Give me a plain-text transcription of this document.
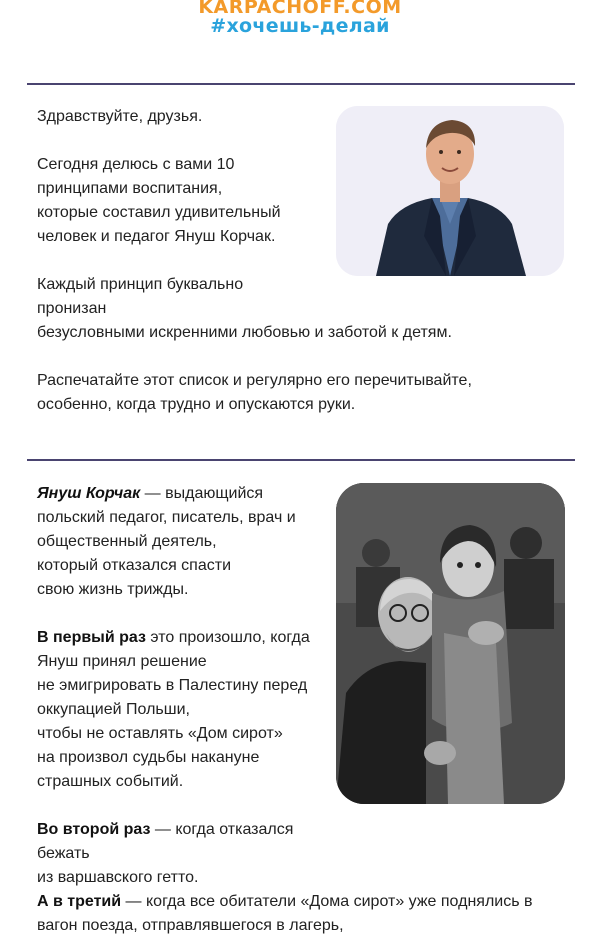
KARPACHOFF.COM
#хочешь-делай

Здравствуйте, друзья.

Сегодня делюсь с вами 10

принципами воспитания,

которые составил удивительный

человек и педагог Януш Корчак.

Каждый принцип буквально

пронизан

безусловными искренними любовью и заботой к детям.

Распечатайте этот список и регулярно его перечитывайте,

особенно, когда трудно и опускаются руки.

Януш Корчак — выдающийся

польский педагог, писатель, врач и

общественный деятель,

который отказался спасти

свою жизнь трижды.

В первый раз это произошло, когда

Януш принял решение

не эмигрировать в Палестину перед

оккупацией Польши,

чтобы не оставлять «Дом сирот»

на произвол судьбы накануне

страшных событий.

Во второй раз — когда отказался бежать

из варшавского гетто.

А в третий — когда все обитатели «Дома сирот» уже поднялись в

вагон поезда, отправлявшегося в лагерь,
